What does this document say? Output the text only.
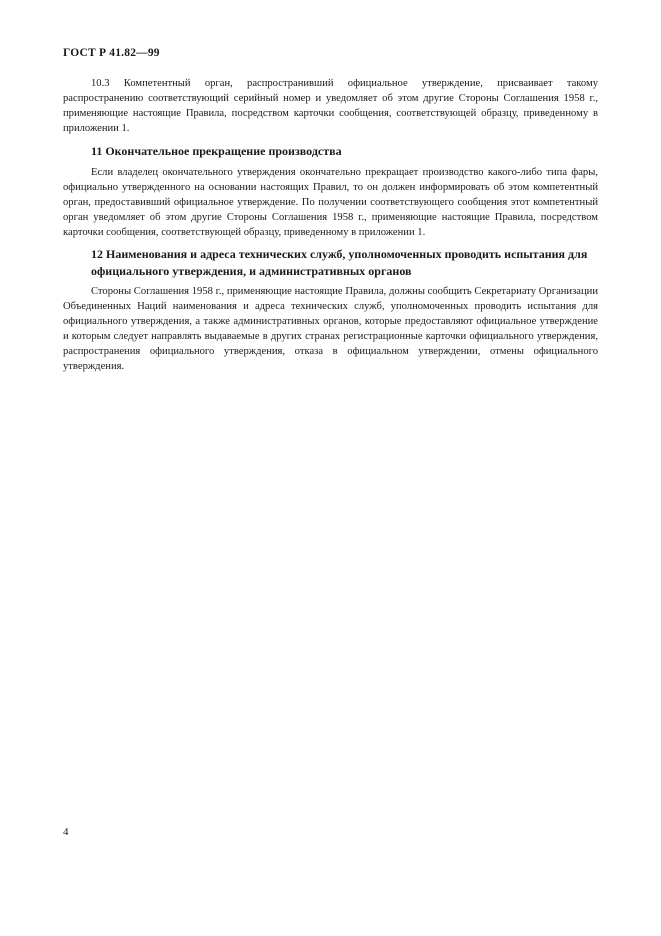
ГОСТ Р 41.82—99

10.3 Компетентный орган, распространивший официальное утверждение, присваивает такому распространению соответствующий серийный номер и уведомляет об этом другие Стороны Соглашения 1958 г., применяющие настоящие Правила, посредством карточки сообщения, соответствующей образцу, приведенному в приложении 1.

11 Окончательное прекращение производства

Если владелец окончательного утверждения окончательно прекращает производство какого-либо типа фары, официально утвержденного на основании настоящих Правил, то он должен информировать об этом компетентный орган, предоставивший официальное утверждение. По получении соответствующего сообщения этот компетентный орган уведомляет об этом другие Стороны Соглашения 1958 г., применяющие настоящие Правила, посредством карточки сообщения, соответствующей образцу, приведенному в приложении 1.

12 Наименования и адреса технических служб, уполномоченных проводить испытания для официального утверждения, и административных органов

Стороны Соглашения 1958 г., применяющие настоящие Правила, должны сообщить Секретариату Организации Объединенных Наций наименования и адреса технических служб, уполномоченных проводить испытания для официального утверждения, а также административных органов, которые предоставляют официальное утверждение и которым следует направлять выдаваемые в других странах регистрационные карточки официального утверждения, распространения официального утверждения, отказа в официальном утверждении, отмены официального утверждения.

4
